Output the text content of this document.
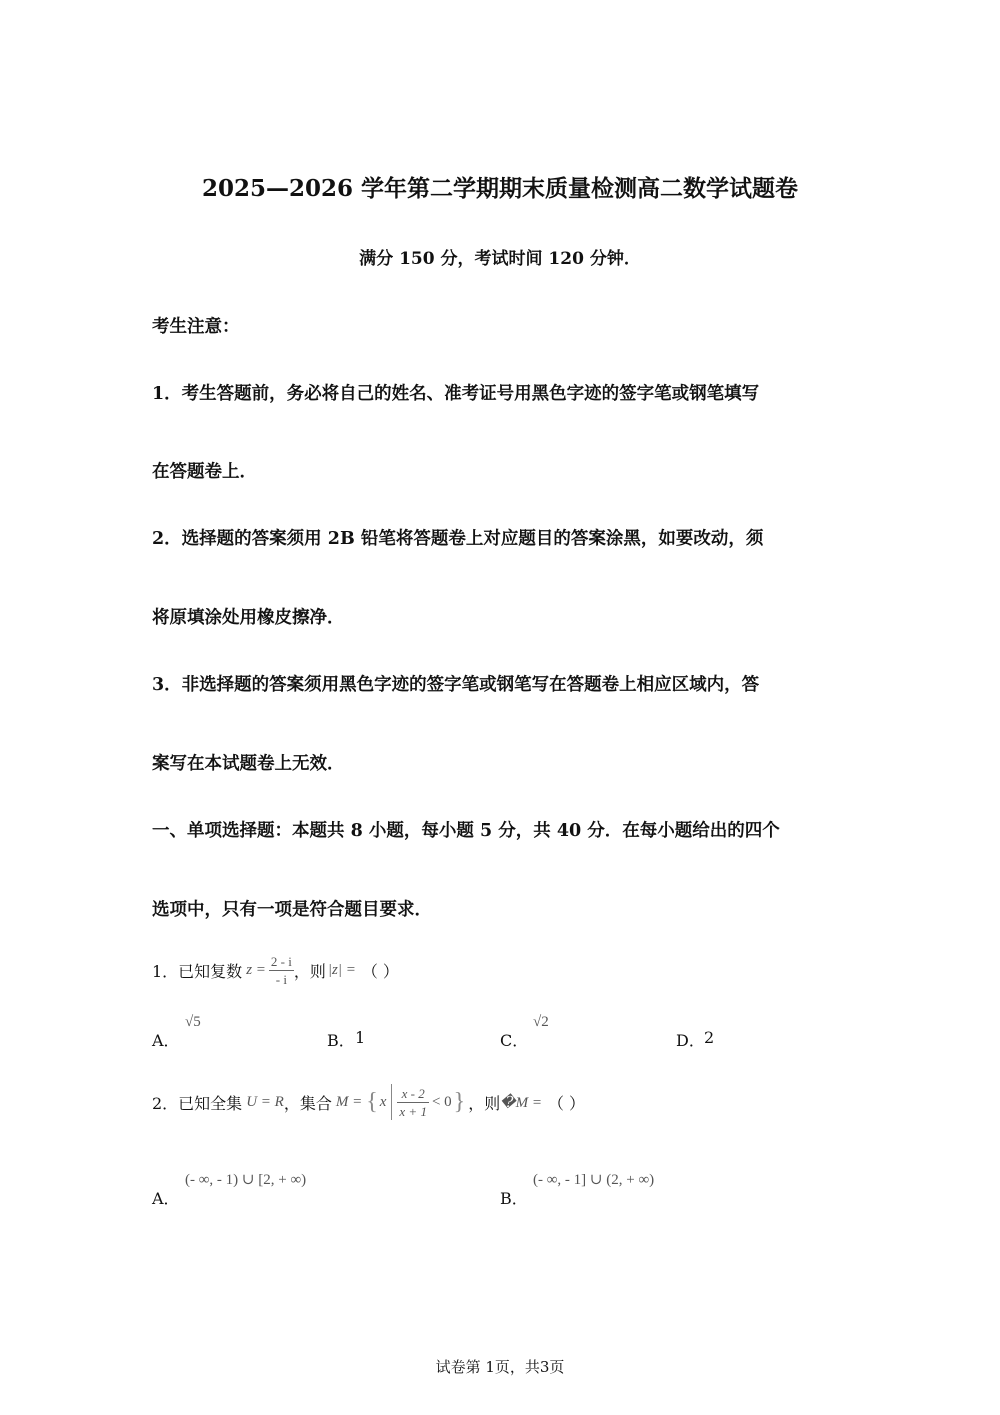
2025—2026 学年第二学期期末质量检测高二数学试题卷
满分 150 分，考试时间 120 分钟．
考生注意：
1．考生答题前，务必将自己的姓名、准考证号用黑色字迹的签字笔或钢笔填写
在答题卷上．
2．选择题的答案须用 2B 铅笔将答题卷上对应题目的答案涂黑，如要改动，须
将原填涂处用橡皮擦净．
3．非选择题的答案须用黑色字迹的签字笔或钢笔写在答题卷上相应区域内，答
案写在本试题卷上无效．
一、单项选择题：本题共 8 小题，每小题 5 分，共 40 分．在每小题给出的四个
选项中，只有一项是符合题目要求．
1．已知复数 $z = \frac{2 - i}{- i}$ ，则 |z| = （ ）
A．
√5
B． 1	C．
√2
D． 2
2．已知全集 U = R ，集合 M = { x $\frac{x - 2}{x + 1} < 0$ } ，则 �M = （ ）
A．
(- ∞, - 1) ∪ [2, + ∞)
B．
(- ∞, - 1] ∪ (2, + ∞)
试卷第 1页，共3页
